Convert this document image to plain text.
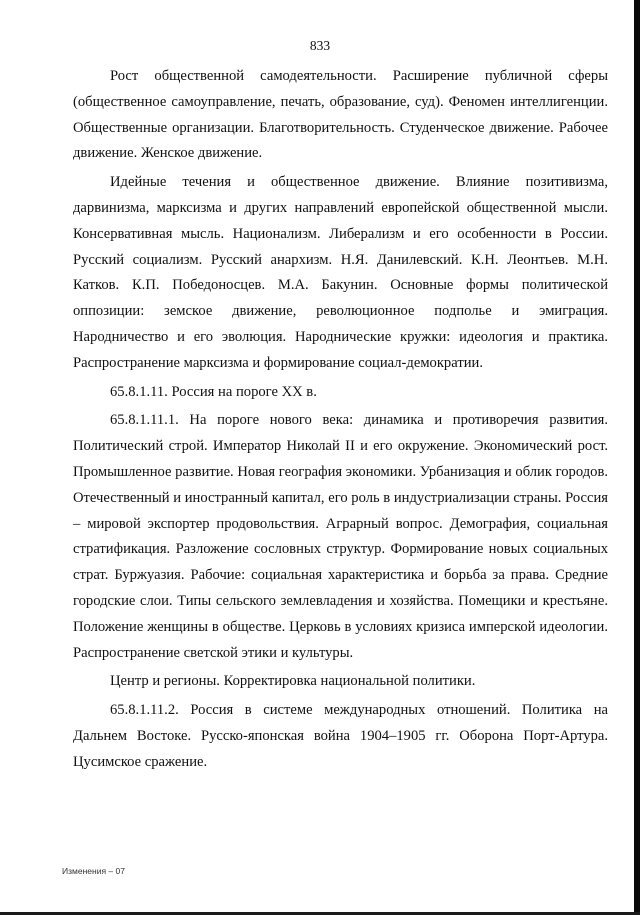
833

Рост общественной самодеятельности. Расширение публичной сферы (общественное самоуправление, печать, образование, суд). Феномен интеллигенции. Общественные организации. Благотворительность. Студенческое движение. Рабочее движение. Женское движение.

Идейные течения и общественное движение. Влияние позитивизма, дарвинизма, марксизма и других направлений европейской общественной мысли. Консервативная мысль. Национализм. Либерализм и его особенности в России. Русский социализм. Русский анархизм. Н.Я. Данилевский. К.Н. Леонтьев. М.Н. Катков. К.П. Победоносцев. М.А. Бакунин. Основные формы политической оппозиции: земское движение, революционное подполье и эмиграция. Народничество и его эволюция. Народнические кружки: идеология и практика. Распространение марксизма и формирование социал-демократии.

65.8.1.11. Россия на пороге XX в.

65.8.1.11.1. На пороге нового века: динамика и противоречия развития. Политический строй. Император Николай II и его окружение. Экономический рост. Промышленное развитие. Новая география экономики. Урбанизация и облик городов. Отечественный и иностранный капитал, его роль в индустриализации страны. Россия – мировой экспортер продовольствия. Аграрный вопрос. Демография, социальная стратификация. Разложение сословных структур. Формирование новых социальных страт. Буржуазия. Рабочие: социальная характеристика и борьба за права. Средние городские слои. Типы сельского землевладения и хозяйства. Помещики и крестьяне. Положение женщины в обществе. Церковь в условиях кризиса имперской идеологии. Распространение светской этики и культуры.

Центр и регионы. Корректировка национальной политики.

65.8.1.11.2. Россия в системе международных отношений. Политика на Дальнем Востоке. Русско-японская война 1904–1905 гг. Оборона Порт-Артура. Цусимское сражение.

Изменения – 07
